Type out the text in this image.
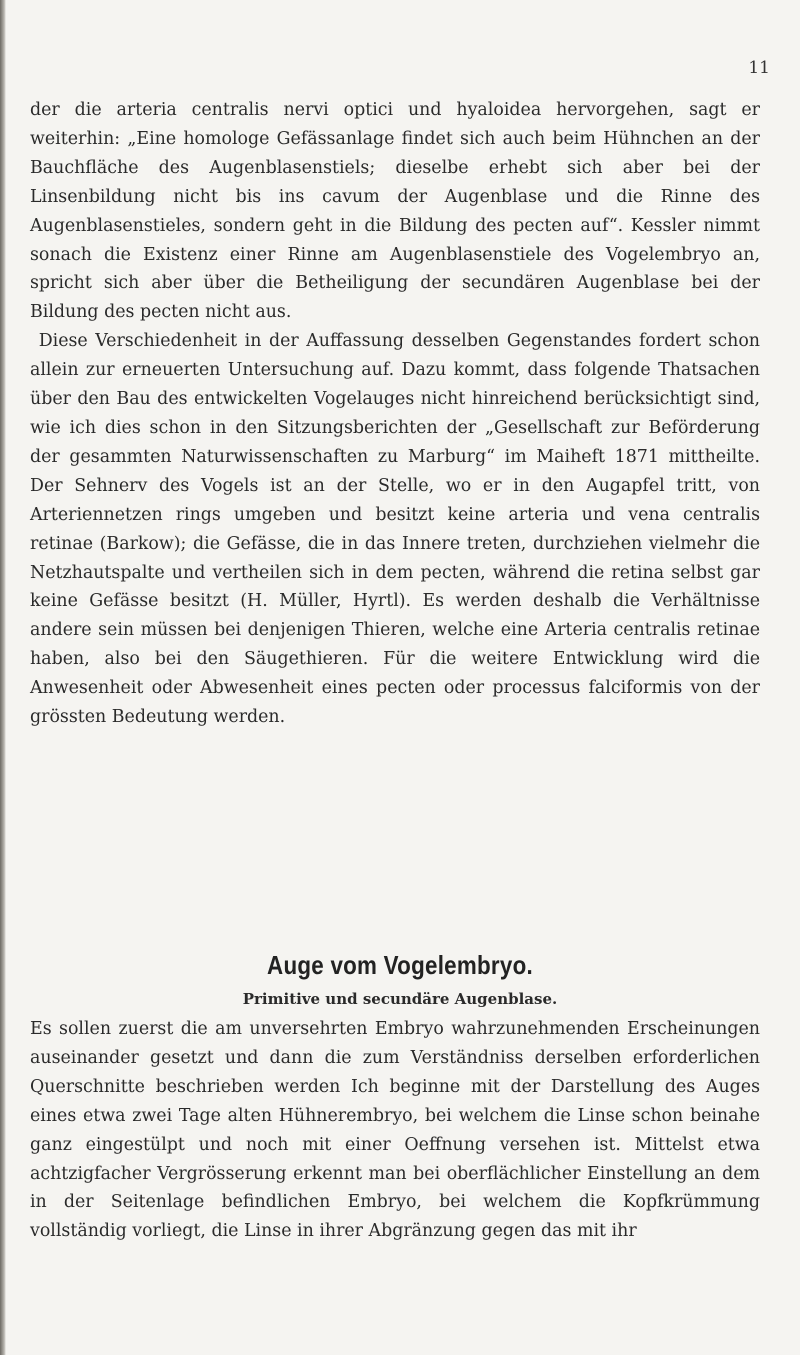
11

der die arteria centralis nervi optici und hyaloidea hervorgehen, sagt er weiterhin: „Eine homologe Gefässanlage findet sich auch beim Hühnchen an der Bauchfläche des Augenblasenstiels; dieselbe erhebt sich aber bei der Linsenbildung nicht bis ins cavum der Augenblase und die Rinne des Augenblasenstieles, sondern geht in die Bildung des pecten auf“. Kessler nimmt sonach die Existenz einer Rinne am Augenblasenstiele des Vogelembryo an, spricht sich aber über die Betheiligung der secundären Augenblase bei der Bildung des pecten nicht aus.

Diese Verschiedenheit in der Auffassung desselben Gegenstandes fordert schon allein zur erneuerten Untersuchung auf. Dazu kommt, dass folgende Thatsachen über den Bau des entwickelten Vogelauges nicht hinreichend berücksichtigt sind, wie ich dies schon in den Sitzungsberichten der „Gesellschaft zur Beförderung der gesammten Naturwissenschaften zu Marburg“ im Maiheft 1871 mittheilte. Der Sehnerv des Vogels ist an der Stelle, wo er in den Augapfel tritt, von Arteriennetzen rings umgeben und besitzt keine arteria und vena centralis retinae (Barkow); die Gefässe, die in das Innere treten, durchziehen vielmehr die Netzhautspalte und vertheilen sich in dem pecten, während die retina selbst gar keine Gefässe besitzt (H. Müller, Hyrtl). Es werden deshalb die Verhältnisse andere sein müssen bei denjenigen Thieren, welche eine Arteria centralis retinae haben, also bei den Säugethieren. Für die weitere Entwicklung wird die Anwesenheit oder Abwesenheit eines pecten oder processus falciformis von der grössten Bedeutung werden.

Auge vom Vogelembryo.
Primitive und secundäre Augenblase.

Es sollen zuerst die am unversehrten Embryo wahrzunehmenden Erscheinungen auseinander gesetzt und dann die zum Verständniss derselben erforderlichen Querschnitte beschrieben werden Ich beginne mit der Darstellung des Auges eines etwa zwei Tage alten Hühnerembryo, bei welchem die Linse schon beinahe ganz eingestülpt und noch mit einer Oeffnung versehen ist. Mittelst etwa achtzigfacher Vergrösserung erkennt man bei oberflächlicher Einstellung an dem in der Seitenlage befindlichen Embryo, bei welchem die Kopfkrümmung vollständig vorliegt, die Linse in ihrer Abgränzung gegen das mit ihr
